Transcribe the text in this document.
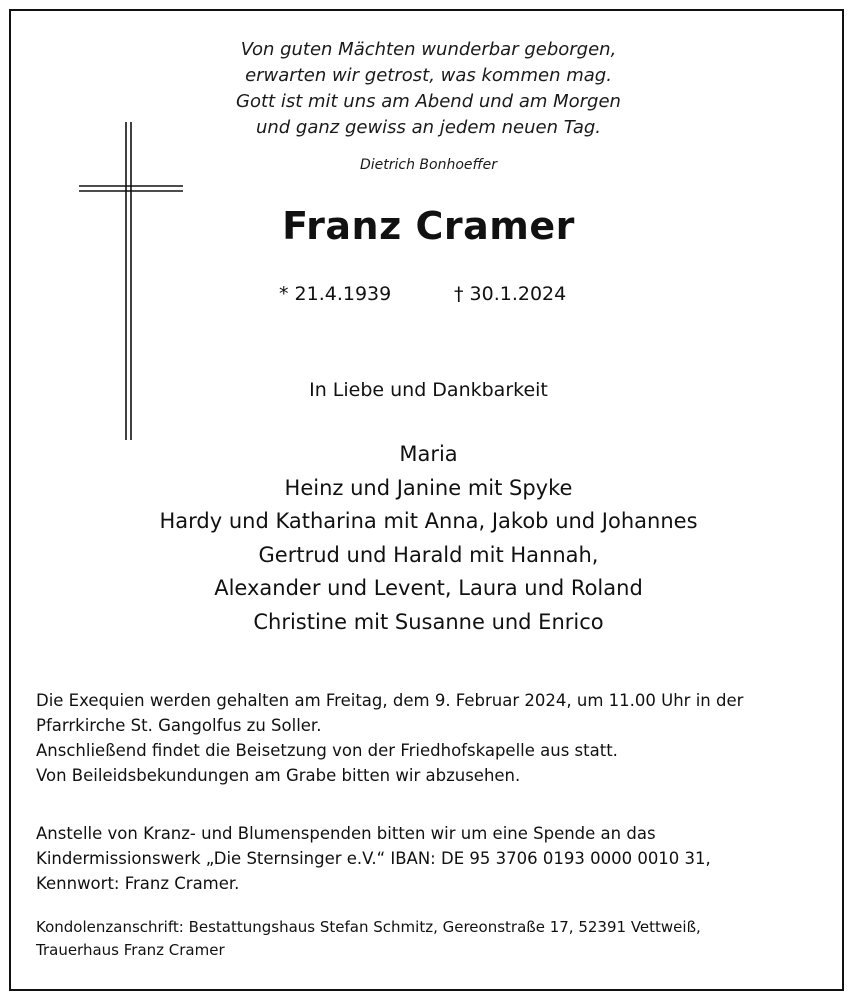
Von guten Mächten wunderbar geborgen,
erwarten wir getrost, was kommen mag.
Gott ist mit uns am Abend und am Morgen
und ganz gewiss an jedem neuen Tag.
Dietrich Bonhoeffer
Franz Cramer
* 21.4.1939	† 30.1.2024
In Liebe und Dankbarkeit
Maria
Heinz und Janine mit Spyke
Hardy und Katharina mit Anna, Jakob und Johannes
Gertrud und Harald mit Hannah,
Alexander und Levent, Laura und Roland
Christine mit Susanne und Enrico
Die Exequien werden gehalten am Freitag, dem 9. Februar 2024, um 11.00 Uhr in der
Pfarrkirche St. Gangolfus zu Soller.
Anschließend findet die Beisetzung von der Friedhofskapelle aus statt.
Von Beileidsbekundungen am Grabe bitten wir abzusehen.
Anstelle von Kranz- und Blumenspenden bitten wir um eine Spende an das
Kindermissionswerk „Die Sternsinger e.V.“ IBAN: DE 95 3706 0193 0000 0010 31,
Kennwort: Franz Cramer.
Kondolenzanschrift: Bestattungshaus Stefan Schmitz, Gereonstraße 17, 52391 Vettweiß,
Trauerhaus Franz Cramer
